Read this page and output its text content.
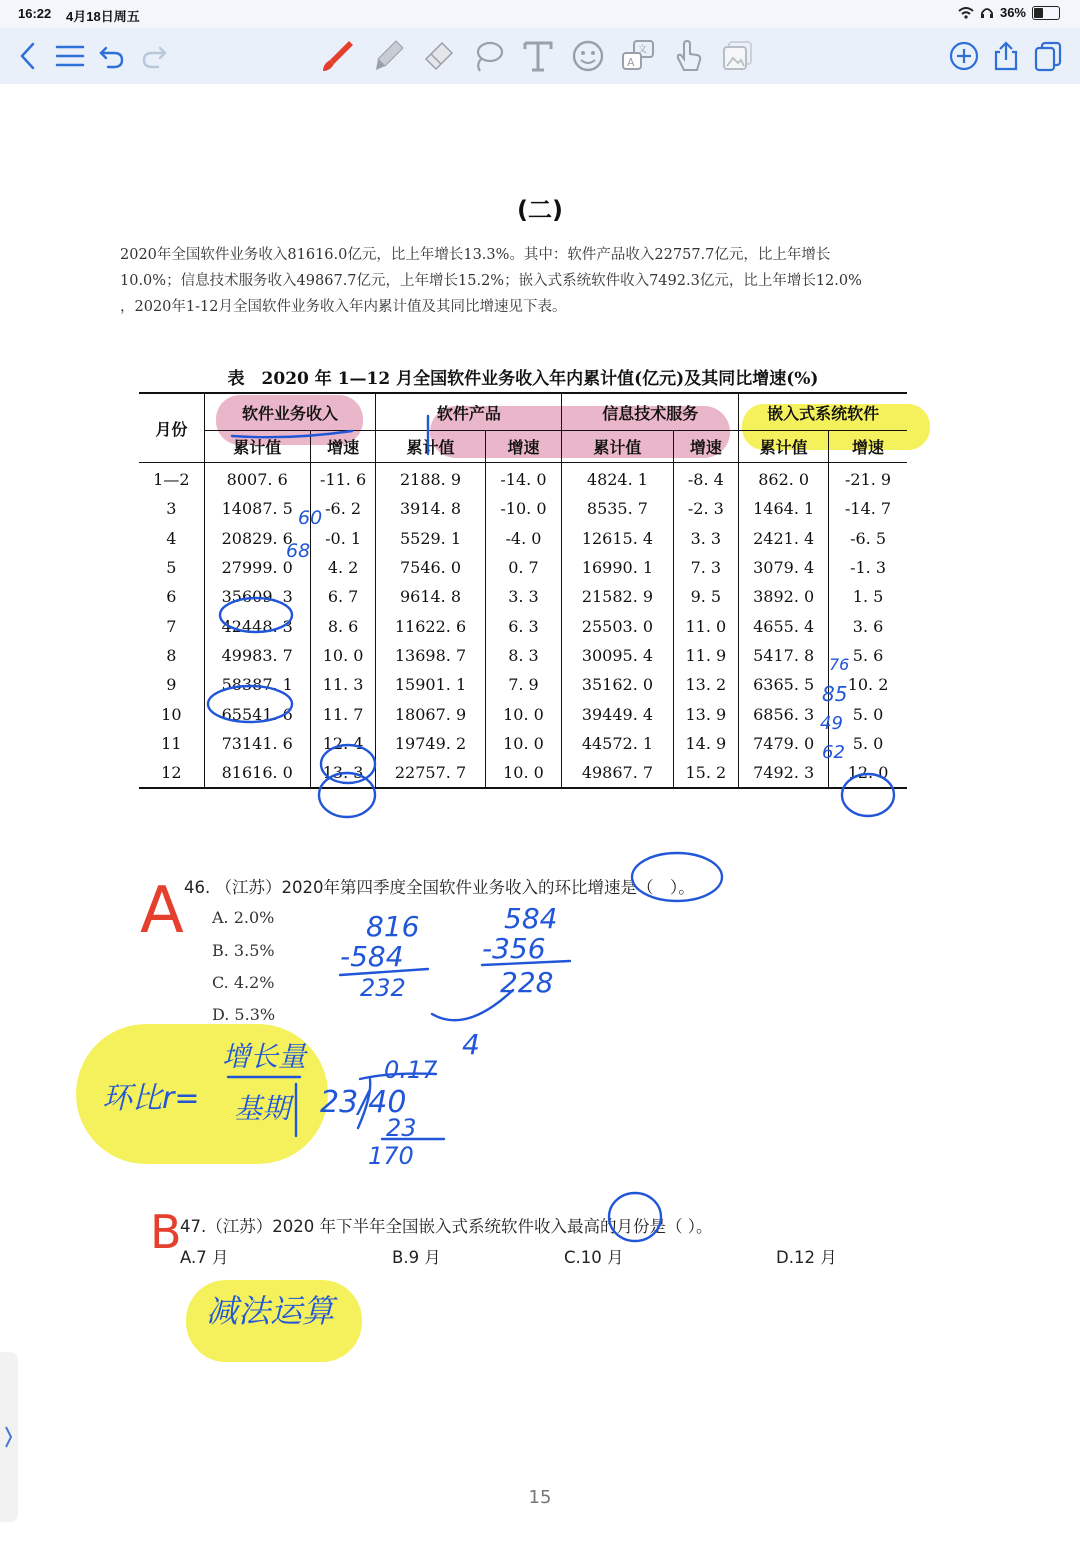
16:22 4月18日周五	36%
A
文
(二)
2020年全国软件业务收入81616.0亿元，比上年增长13.3%。其中：软件产品收入22757.7亿元，比上年增长
10.0%；信息技术服务收入49867.7亿元，上年增长15.2%；嵌入式系统软件收入7492.3亿元，比上年增长12.0%
，2020年1-12月全国软件业务收入年内累计值及其同比增速见下表。
表　2020 年 1—12 月全国软件业务收入年内累计值(亿元)及其同比增速(%)
月份	软件业务收入		软件产品		信息技术服务		嵌入式系统软件	
	累计值	增速	累计值	增速	累计值	增速	累计值	增速
1—2	8007. 6	-11. 6	2188. 9	-14. 0	4824. 1	-8. 4	862. 0	-21. 9
3	14087. 5	-6. 2	3914. 8	-10. 0	8535. 7	-2. 3	1464. 1	-14. 7
4	20829. 6	-0. 1	5529. 1	-4. 0	12615. 4	3. 3	2421. 4	-6. 5
5	27999. 0	4. 2	7546. 0	0. 7	16990. 1	7. 3	3079. 4	-1. 3
6	35609. 3	6. 7	9614. 8	3. 3	21582. 9	9. 5	3892. 0	1. 5
7	42448. 3	8. 6	11622. 6	6. 3	25503. 0	11. 0	4655. 4	3. 6
8	49983. 7	10. 0	13698. 7	8. 3	30095. 4	11. 9	5417. 8	5. 6
9	58387. 1	11. 3	15901. 1	7. 9	35162. 0	13. 2	6365. 5	10. 2
10	65541. 6	11. 7	18067. 9	10. 0	39449. 4	13. 9	6856. 3	5. 0
11	73141. 6	12. 4	19749. 2	10. 0	44572. 1	14. 9	7479. 0	5. 0
12	81616. 0	13. 3	22757. 7	10. 0	49867. 7	15. 2	7492. 3	12. 0
46. （江苏）2020年第四季度全国软件业务收入的环比增速是（　）。
A. 2.0%
B. 3.5%
C. 4.2%
D. 5.3%
47.（江苏）2020 年下半年全国嵌入式系统软件收入最高的月份是（ ）。
A.7 月	B.9 月	C.10 月	D.12 月
15
A
B
60
68
76
85
49
62
816
-584
232
584
-356
228
4
0.17
23/40
23
170
环比r=
增长量
基期
减法运算
